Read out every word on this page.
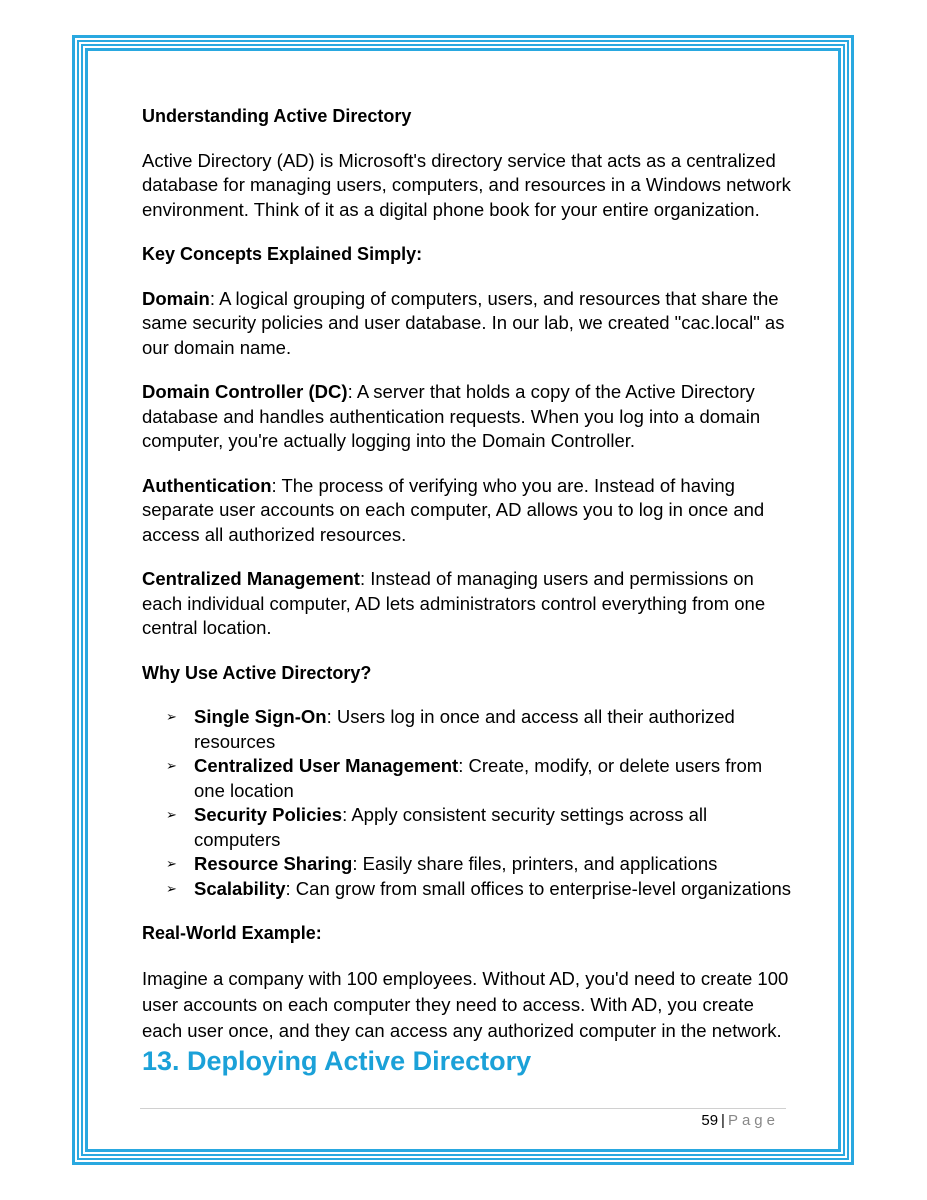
Understanding Active Directory

Active Directory (AD) is Microsoft's directory service that acts as a centralized database for managing users, computers, and resources in a Windows network environment. Think of it as a digital phone book for your entire organization.

Key Concepts Explained Simply:

Domain: A logical grouping of computers, users, and resources that share the same security policies and user database. In our lab, we created "cac.local" as our domain name.

Domain Controller (DC): A server that holds a copy of the Active Directory database and handles authentication requests. When you log into a domain computer, you're actually logging into the Domain Controller.

Authentication: The process of verifying who you are. Instead of having separate user accounts on each computer, AD allows you to log in once and access all authorized resources.

Centralized Management: Instead of managing users and permissions on each individual computer, AD lets administrators control everything from one central location.

Why Use Active Directory?

➢ Single Sign-On: Users log in once and access all their authorized resources
➢ Centralized User Management: Create, modify, or delete users from one location
➢ Security Policies: Apply consistent security settings across all computers
➢ Resource Sharing: Easily share files, printers, and applications
➢ Scalability: Can grow from small offices to enterprise-level organizations

Real-World Example:

Imagine a company with 100 employees. Without AD, you'd need to create 100 user accounts on each computer they need to access. With AD, you create each user once, and they can access any authorized computer in the network.

13. Deploying Active Directory

59 | Page
